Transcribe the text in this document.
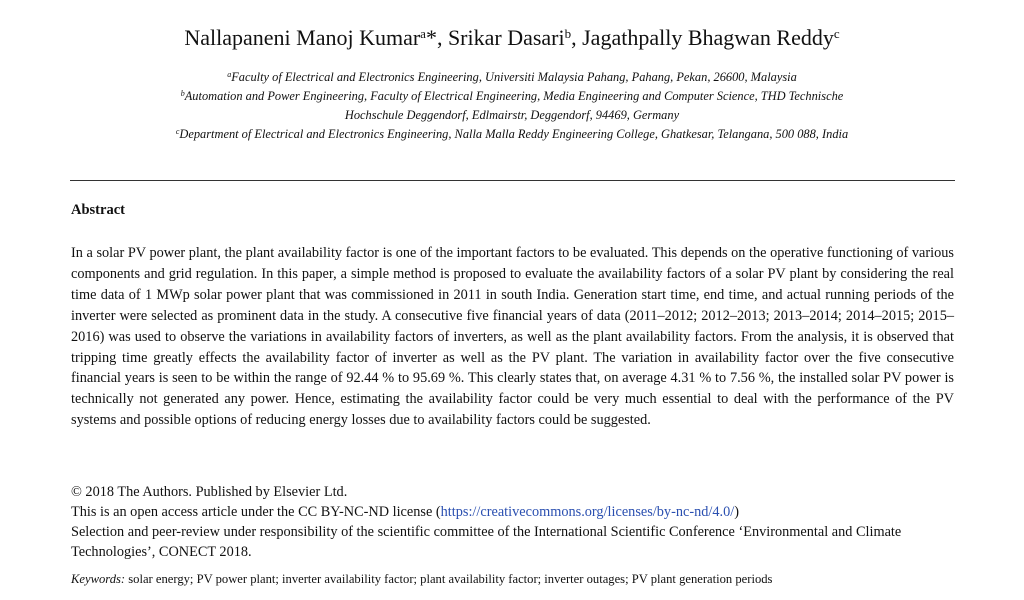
Nallapaneni Manoj Kumar$^a$*, Srikar Dasari$^b$, Jagathpally Bhagwan Reddy$^c$
$^a$Faculty of Electrical and Electronics Engineering, Universiti Malaysia Pahang, Pahang, Pekan, 26600, Malaysia
$^b$Automation and Power Engineering, Faculty of Electrical Engineering, Media Engineering and Computer Science, THD Technische
Hochschule Deggendorf, Edlmairstr, Deggendorf, 94469, Germany
$^c$Department of Electrical and Electronics Engineering, Nalla Malla Reddy Engineering College, Ghatkesar, Telangana, 500 088, India
Abstract
In a solar PV power plant, the plant availability factor is one of the important factors to be evaluated. This depends on the operative functioning of various components and grid regulation. In this paper, a simple method is proposed to evaluate the availability factors of a solar PV plant by considering the real time data of 1 MWp solar power plant that was commissioned in 2011 in south India. Generation start time, end time, and actual running periods of the inverter were selected as prominent data in the study. A consecutive five financial years of data (2011–2012; 2012–2013; 2013–2014; 2014–2015; 2015–2016) was used to observe the variations in availability factors of inverters, as well as the plant availability factors. From the analysis, it is observed that tripping time greatly effects the availability factor of inverter as well as the PV plant. The variation in availability factor over the five consecutive financial years is seen to be within the range of 92.44 % to 95.69 %. This clearly states that, on average 4.31 % to 7.56 %, the installed solar PV power is technically not generated any power. Hence, estimating the availability factor could be very much essential to deal with the performance of the PV systems and possible options of reducing energy losses due to availability factors could be suggested.
© 2018 The Authors. Published by Elsevier Ltd.
This is an open access article under the CC BY-NC-ND license (https://creativecommons.org/licenses/by-nc-nd/4.0/)
Selection and peer-review under responsibility of the scientific committee of the International Scientific Conference ‘Environmental and Climate Technologies’, CONECT 2018.
Keywords: solar energy; PV power plant; inverter availability factor; plant availability factor; inverter outages; PV plant generation periods
